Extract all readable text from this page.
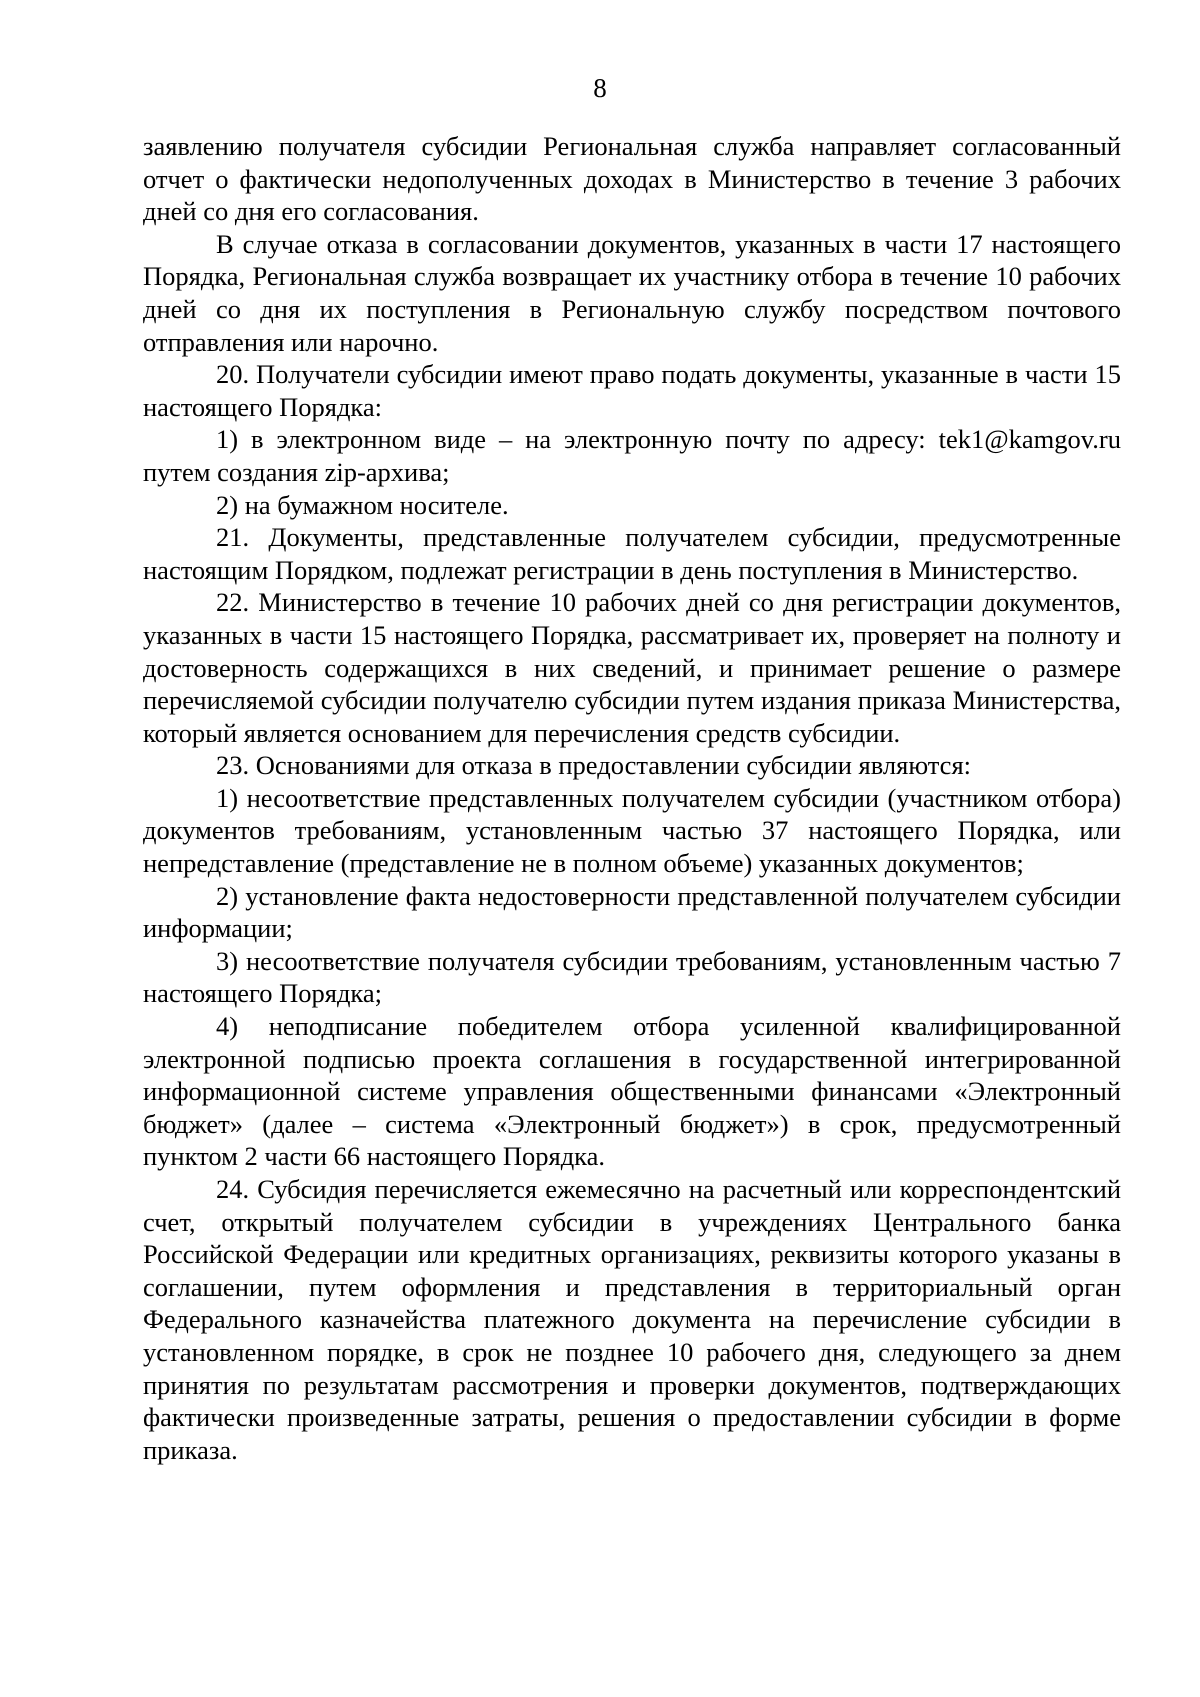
8

заявлению получателя субсидии Региональная служба направляет согласованный отчет о фактически недополученных доходах в Министерство в течение 3 рабочих дней со дня его согласования.

В случае отказа в согласовании документов, указанных в части 17 настоящего Порядка, Региональная служба возвращает их участнику отбора в течение 10 рабочих дней со дня их поступления в Региональную службу посредством почтового отправления или нарочно.

20. Получатели субсидии имеют право подать документы, указанные в части 15 настоящего Порядка:

1) в электронном виде – на электронную почту по адресу: tek1@kamgov.ru путем создания zip-архива;

2) на бумажном носителе.

21. Документы, представленные получателем субсидии, предусмотренные настоящим Порядком, подлежат регистрации в день поступления в Министерство.

22. Министерство в течение 10 рабочих дней со дня регистрации документов, указанных в части 15 настоящего Порядка, рассматривает их, проверяет на полноту и достоверность содержащихся в них сведений, и принимает решение о размере перечисляемой субсидии получателю субсидии путем издания приказа Министерства, который является основанием для перечисления средств субсидии.

23. Основаниями для отказа в предоставлении субсидии являются:

1) несоответствие представленных получателем субсидии (участником отбора) документов требованиям, установленным частью 37 настоящего Порядка, или непредставление (представление не в полном объеме) указанных документов;

2) установление факта недостоверности представленной получателем субсидии информации;

3) несоответствие получателя субсидии требованиям, установленным частью 7 настоящего Порядка;

4) неподписание победителем отбора усиленной квалифицированной электронной подписью проекта соглашения в государственной интегрированной информационной системе управления общественными финансами «Электронный бюджет» (далее – система «Электронный бюджет») в срок, предусмотренный пунктом 2 части 66 настоящего Порядка.

24. Субсидия перечисляется ежемесячно на расчетный или корреспондентский счет, открытый получателем субсидии в учреждениях Центрального банка Российской Федерации или кредитных организациях, реквизиты которого указаны в соглашении, путем оформления и представления в территориальный орган Федерального казначейства платежного документа на перечисление субсидии в установленном порядке, в срок не позднее 10 рабочего дня, следующего за днем принятия по результатам рассмотрения и проверки документов, подтверждающих фактически произведенные затраты, решения о предоставлении субсидии в форме приказа.
